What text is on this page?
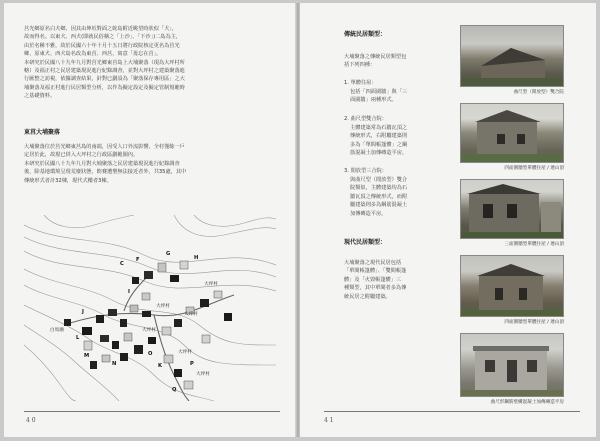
莒光鄉原名白犬鄉，因其由坤坵對面之蛇島附近眺望時狀似「犬」，
故而得名。以東犬、西犬(即就民俗稱之「上沙」、「下沙」)二島為主，
由於名稱不雅，故於民國六十年十月十五日將行政院核定更名為莒光
鄉，原東犬、西犬島名改為東莒、西莒，寓意「毋忘在莒」。
本研究於民國八十九年九月對莒光鄉東莒島上大埔聚落（現為大坪村所
轄）及福正村之民居建築現況進行紀錄調查，並對大坪村之建築聚落進
行匯整之訪視，依據調查結果，針對已劃設為「聚落保存專用區」之大
埔聚落及福正村進行民居類型分析，以作為擬定設定及擬定管制規範時
之基礎資料。
東莒大埔聚落
大埔聚落位於莒光鄉東莒島的南端，因受人口外流影響，全村僅餘一戶
定居於此，故現已併入大坪村之行政區劃範圍內。
本研究於民國八十九年九月對大埔聚落之民居建築現況進行紀錄調查
後，除基地環境呈現荒廢狀態，飭賽遭墾無法接近者外，共35處，其中
傳統形式者計32棟，現代式樓者3棟。
大坪村
大坪村
大坪村
大坪村
大坪村
大坪村
白馬廟
C
F
G
H
I
J
K
L
M
N
O
P
Q
4 0
傳統民居類型：
大埔聚落之傳統民居類型包
括下列四種：
1. 單體住屋：
包括「四面圍牆」與「三
面圍牆」兩種形式。
2. 曲尺型雙合院：
主體建築常為石牆瓦頂之
傳統形式，右附屬建築則
多為「單間帳篷體」之鋼
筋混凝土加傳磚造平房。
3. 閒放型三合院：
與曲尺型（閒放型）雙合
院類似，主體建築均為石
牆瓦頂之傳統形式，而附
屬建築則多為鋼筋混凝土
加傳磚造平房。
現代民居類型：
大埔聚落之現代民居包括
「單間帳篷體」、「雙間帳篷
體」及「火毀帳篷體」三
種類型，其中單間者多為傳
統民居之附屬建築。
曲尺型（閒放型）雙合院
四面圍牆型單體住屋 / 連山頂
三面圍牆型單體住屋 / 連山頂
四面圍牆型單體住屋 / 連山頂
曲尺形鋼筋壁構混凝土加傳磚造平房
4 1
